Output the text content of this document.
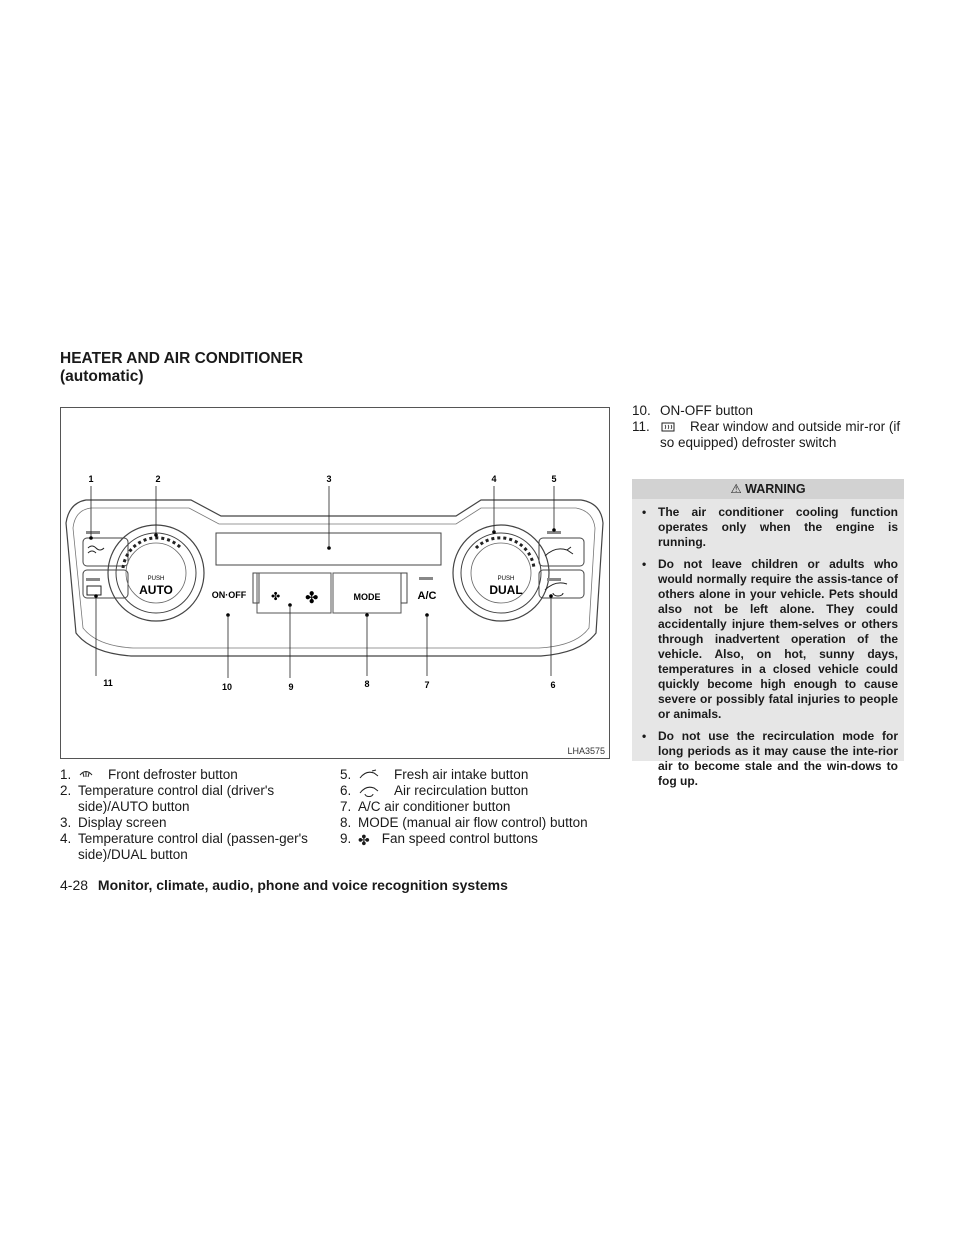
HEATER AND AIR CONDITIONER
(automatic)
PUSH
AUTO	ON·OFF ✤ ✤	MODE	A/C
PUSH
DUAL
1	2	3	4	5
6
7
8
9
10
11
LHA3575
1.	Front defroster button
2. Temperature control dial (driver's side)/AUTO button
3. Display screen
4. Temperature control dial (passen-ger's side)/DUAL button
5.	Fresh air intake button
6.	Air recirculation button
7. A/C air conditioner button
8. MODE (manual air flow control) button
9. ✤ Fan speed control buttons
10. ON-OFF button
11.	Rear window and outside mir-ror (if so equipped) defroster switch
⚠ WARNING
• The air conditioner cooling function operates only when the engine is running.
• Do not leave children or adults who would normally require the assis-tance of others alone in your vehicle. Pets should also not be left alone. They could accidentally injure them-selves or others through inadvertent operation of the vehicle. Also, on hot, sunny days, temperatures in a closed vehicle could quickly become high enough to cause severe or possibly fatal injuries to people or animals.
• Do not use the recirculation mode for long periods as it may cause the inte-rior air to become stale and the win-dows to fog up.
4-28 Monitor, climate, audio, phone and voice recognition systems
